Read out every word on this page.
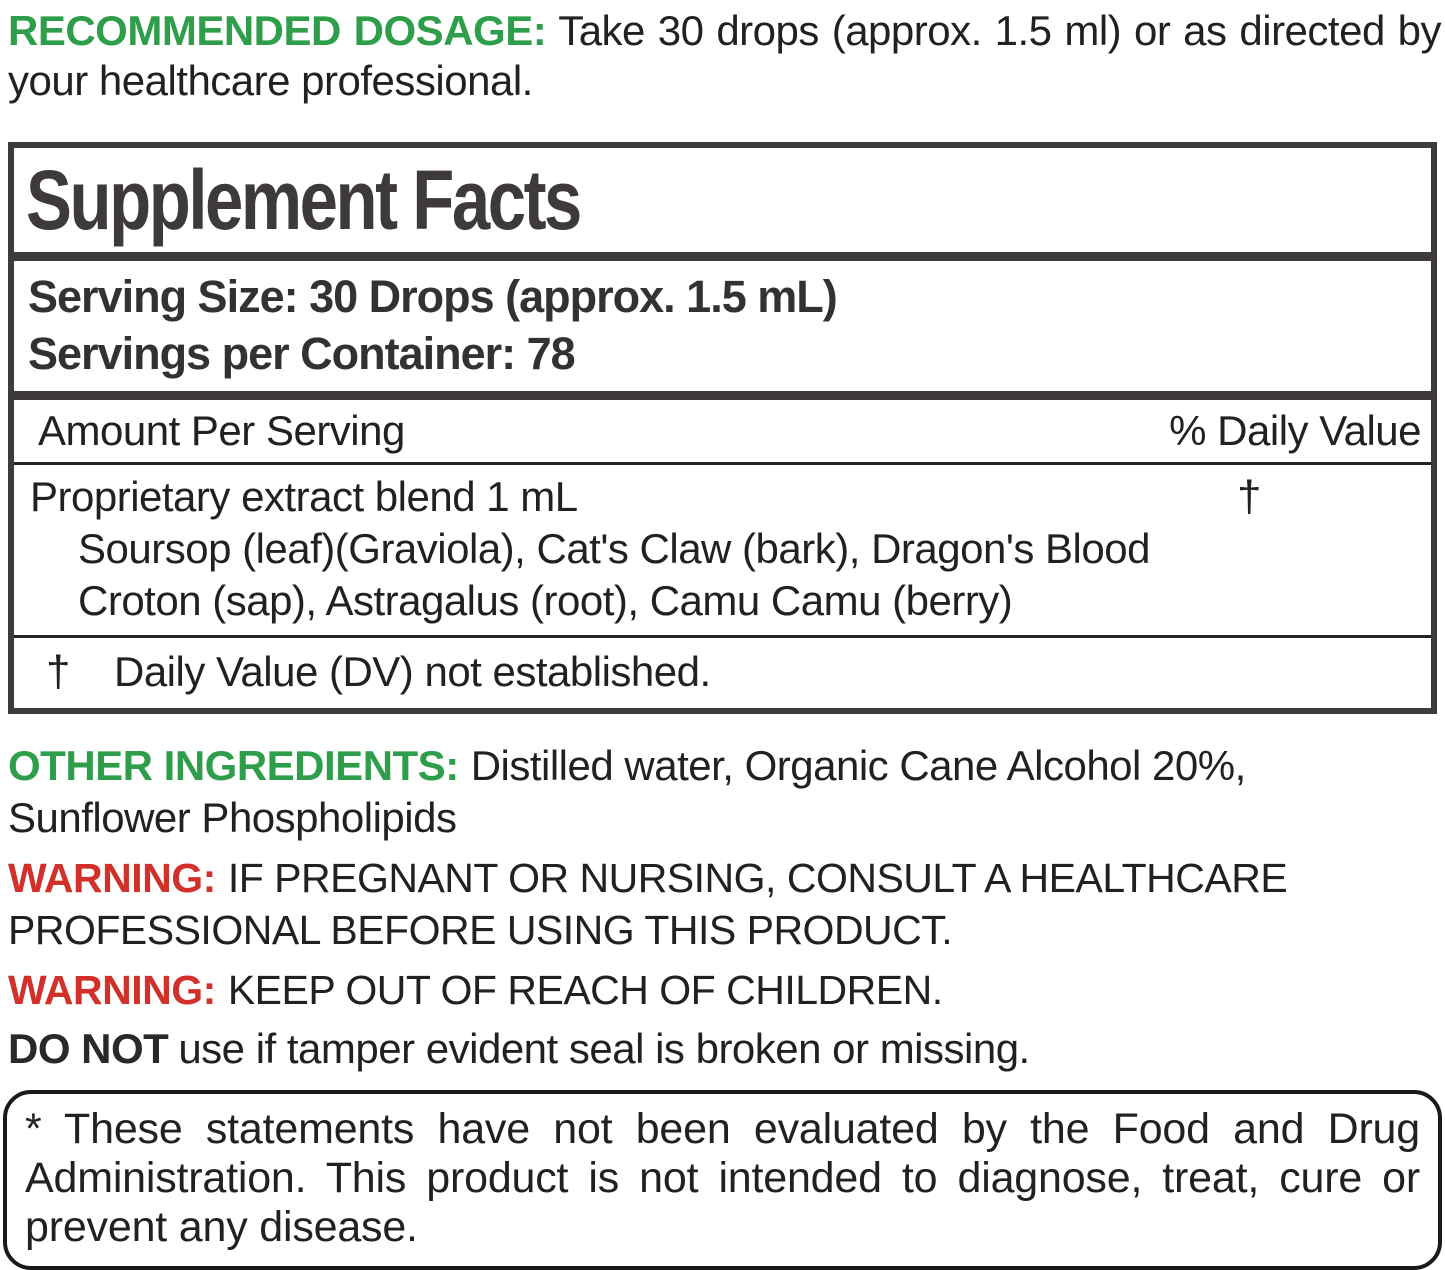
RECOMMENDED DOSAGE: Take 30 drops (approx. 1.5 ml) or as directed by your healthcare professional.

Supplement Facts
Serving Size: 30 Drops (approx. 1.5 mL)
Servings per Container: 78
Amount Per Serving	% Daily Value
Proprietary extract blend 1 mL	†
Soursop (leaf)(Graviola), Cat's Claw (bark), Dragon's Blood
Croton (sap), Astragalus (root), Camu Camu (berry)
† Daily Value (DV) not established.

OTHER INGREDIENTS: Distilled water, Organic Cane Alcohol 20%, Sunflower Phospholipids

WARNING: IF PREGNANT OR NURSING, CONSULT A HEALTHCARE PROFESSIONAL BEFORE USING THIS PRODUCT.

WARNING: KEEP OUT OF REACH OF CHILDREN.

DO NOT use if tamper evident seal is broken or missing.

* These statements have not been evaluated by the Food and Drug Administration. This product is not intended to diagnose, treat, cure or prevent any disease.
